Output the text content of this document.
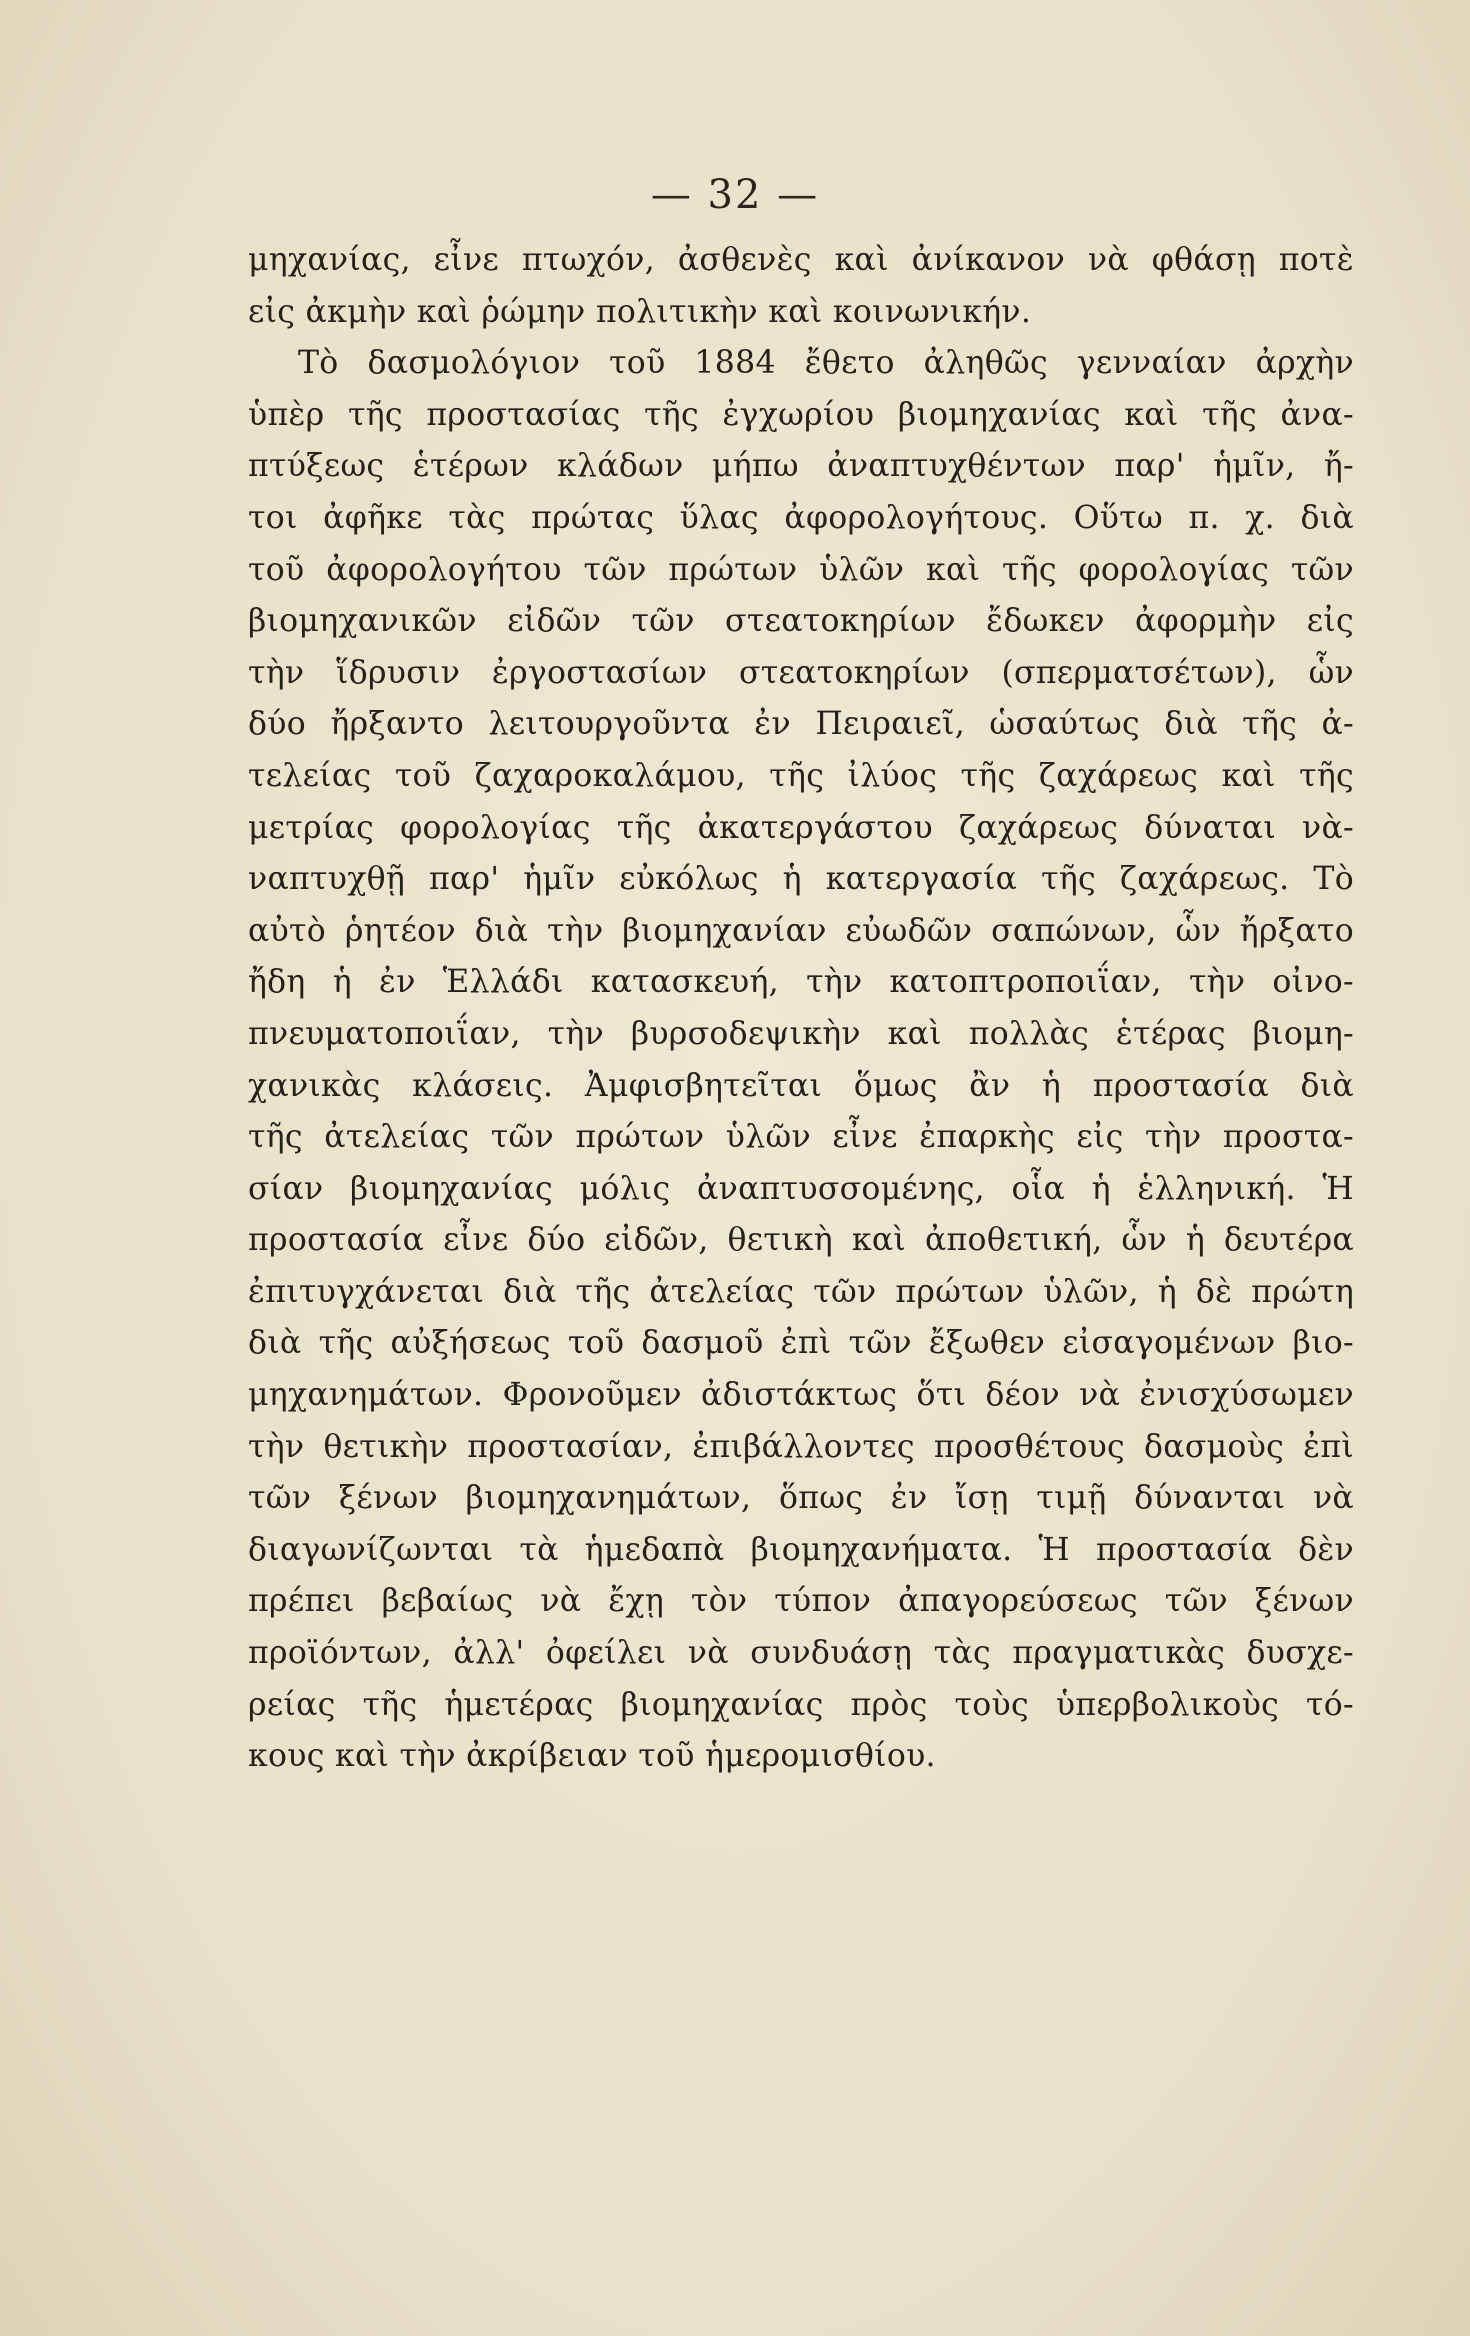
— 32 —
μηχανίας, εἶνε πτωχόν, ἀσθενὲς καὶ ἀνίκανον νὰ φθάσῃ ποτὲ
εἰς ἀκμὴν καὶ ῥώμην πολιτικὴν καὶ κοινωνικήν.
Τὸ δασμολόγιον τοῦ 1884 ἔθετο ἀληθῶς γενναίαν ἀρχὴν
ὑπὲρ τῆς προστασίας τῆς ἐγχωρίου βιομηχανίας καὶ τῆς ἀνα-
πτύξεως ἑτέρων κλάδων μήπω ἀναπτυχθέντων παρ' ἡμῖν, ἤ-
τοι ἀφῆκε τὰς πρώτας ὕλας ἀφορολογήτους. Οὕτω π. χ. διὰ
τοῦ ἀφορολογήτου τῶν πρώτων ὑλῶν καὶ τῆς φορολογίας τῶν
βιομηχανικῶν εἰδῶν τῶν στεατοκηρίων ἔδωκεν ἀφορμὴν εἰς
τὴν ἵδρυσιν ἐργοστασίων στεατοκηρίων (σπερματσέτων), ὧν
δύο ἤρξαντο λειτουργοῦντα ἐν Πειραιεῖ, ὡσαύτως διὰ τῆς ἀ-
τελείας τοῦ ζαχαροκαλάμου, τῆς ἰλύος τῆς ζαχάρεως καὶ τῆς
μετρίας φορολογίας τῆς ἀκατεργάστου ζαχάρεως δύναται νὰ-
ναπτυχθῇ παρ' ἡμῖν εὐκόλως ἡ κατεργασία τῆς ζαχάρεως. Τὸ
αὐτὸ ῥητέον διὰ τὴν βιομηχανίαν εὐωδῶν σαπώνων, ὧν ἤρξατο
ἤδη ἡ ἐν Ἑλλάδι κατασκευή, τὴν κατοπτροποιΐαν, τὴν οἰνο-
πνευματοποιΐαν, τὴν βυρσοδεψικὴν καὶ πολλὰς ἑτέρας βιομη-
χανικὰς κλάσεις. Ἀμφισβητεῖται ὅμως ἂν ἡ προστασία διὰ
τῆς ἀτελείας τῶν πρώτων ὑλῶν εἶνε ἐπαρκὴς εἰς τὴν προστα-
σίαν βιομηχανίας μόλις ἀναπτυσσομένης, οἷα ἡ ἑλληνική. Ἡ
προστασία εἶνε δύο εἰδῶν, θετικὴ καὶ ἀποθετική, ὧν ἡ δευτέρα
ἐπιτυγχάνεται διὰ τῆς ἀτελείας τῶν πρώτων ὑλῶν, ἡ δὲ πρώτη
διὰ τῆς αὐξήσεως τοῦ δασμοῦ ἐπὶ τῶν ἔξωθεν εἰσαγομένων βιο-
μηχανημάτων. Φρονοῦμεν ἀδιστάκτως ὅτι δέον νὰ ἐνισχύσωμεν
τὴν θετικὴν προστασίαν, ἐπιβάλλοντες προσθέτους δασμοὺς ἐπὶ
τῶν ξένων βιομηχανημάτων, ὅπως ἐν ἴσῃ τιμῇ δύνανται νὰ
διαγωνίζωνται τὰ ἡμεδαπὰ βιομηχανήματα. Ἡ προστασία δὲν
πρέπει βεβαίως νὰ ἔχῃ τὸν τύπον ἀπαγορεύσεως τῶν ξένων
προϊόντων, ἀλλ' ὀφείλει νὰ συνδυάσῃ τὰς πραγματικὰς δυσχε-
ρείας τῆς ἡμετέρας βιομηχανίας πρὸς τοὺς ὑπερβολικοὺς τό-
κους καὶ τὴν ἀκρίβειαν τοῦ ἡμερομισθίου.
